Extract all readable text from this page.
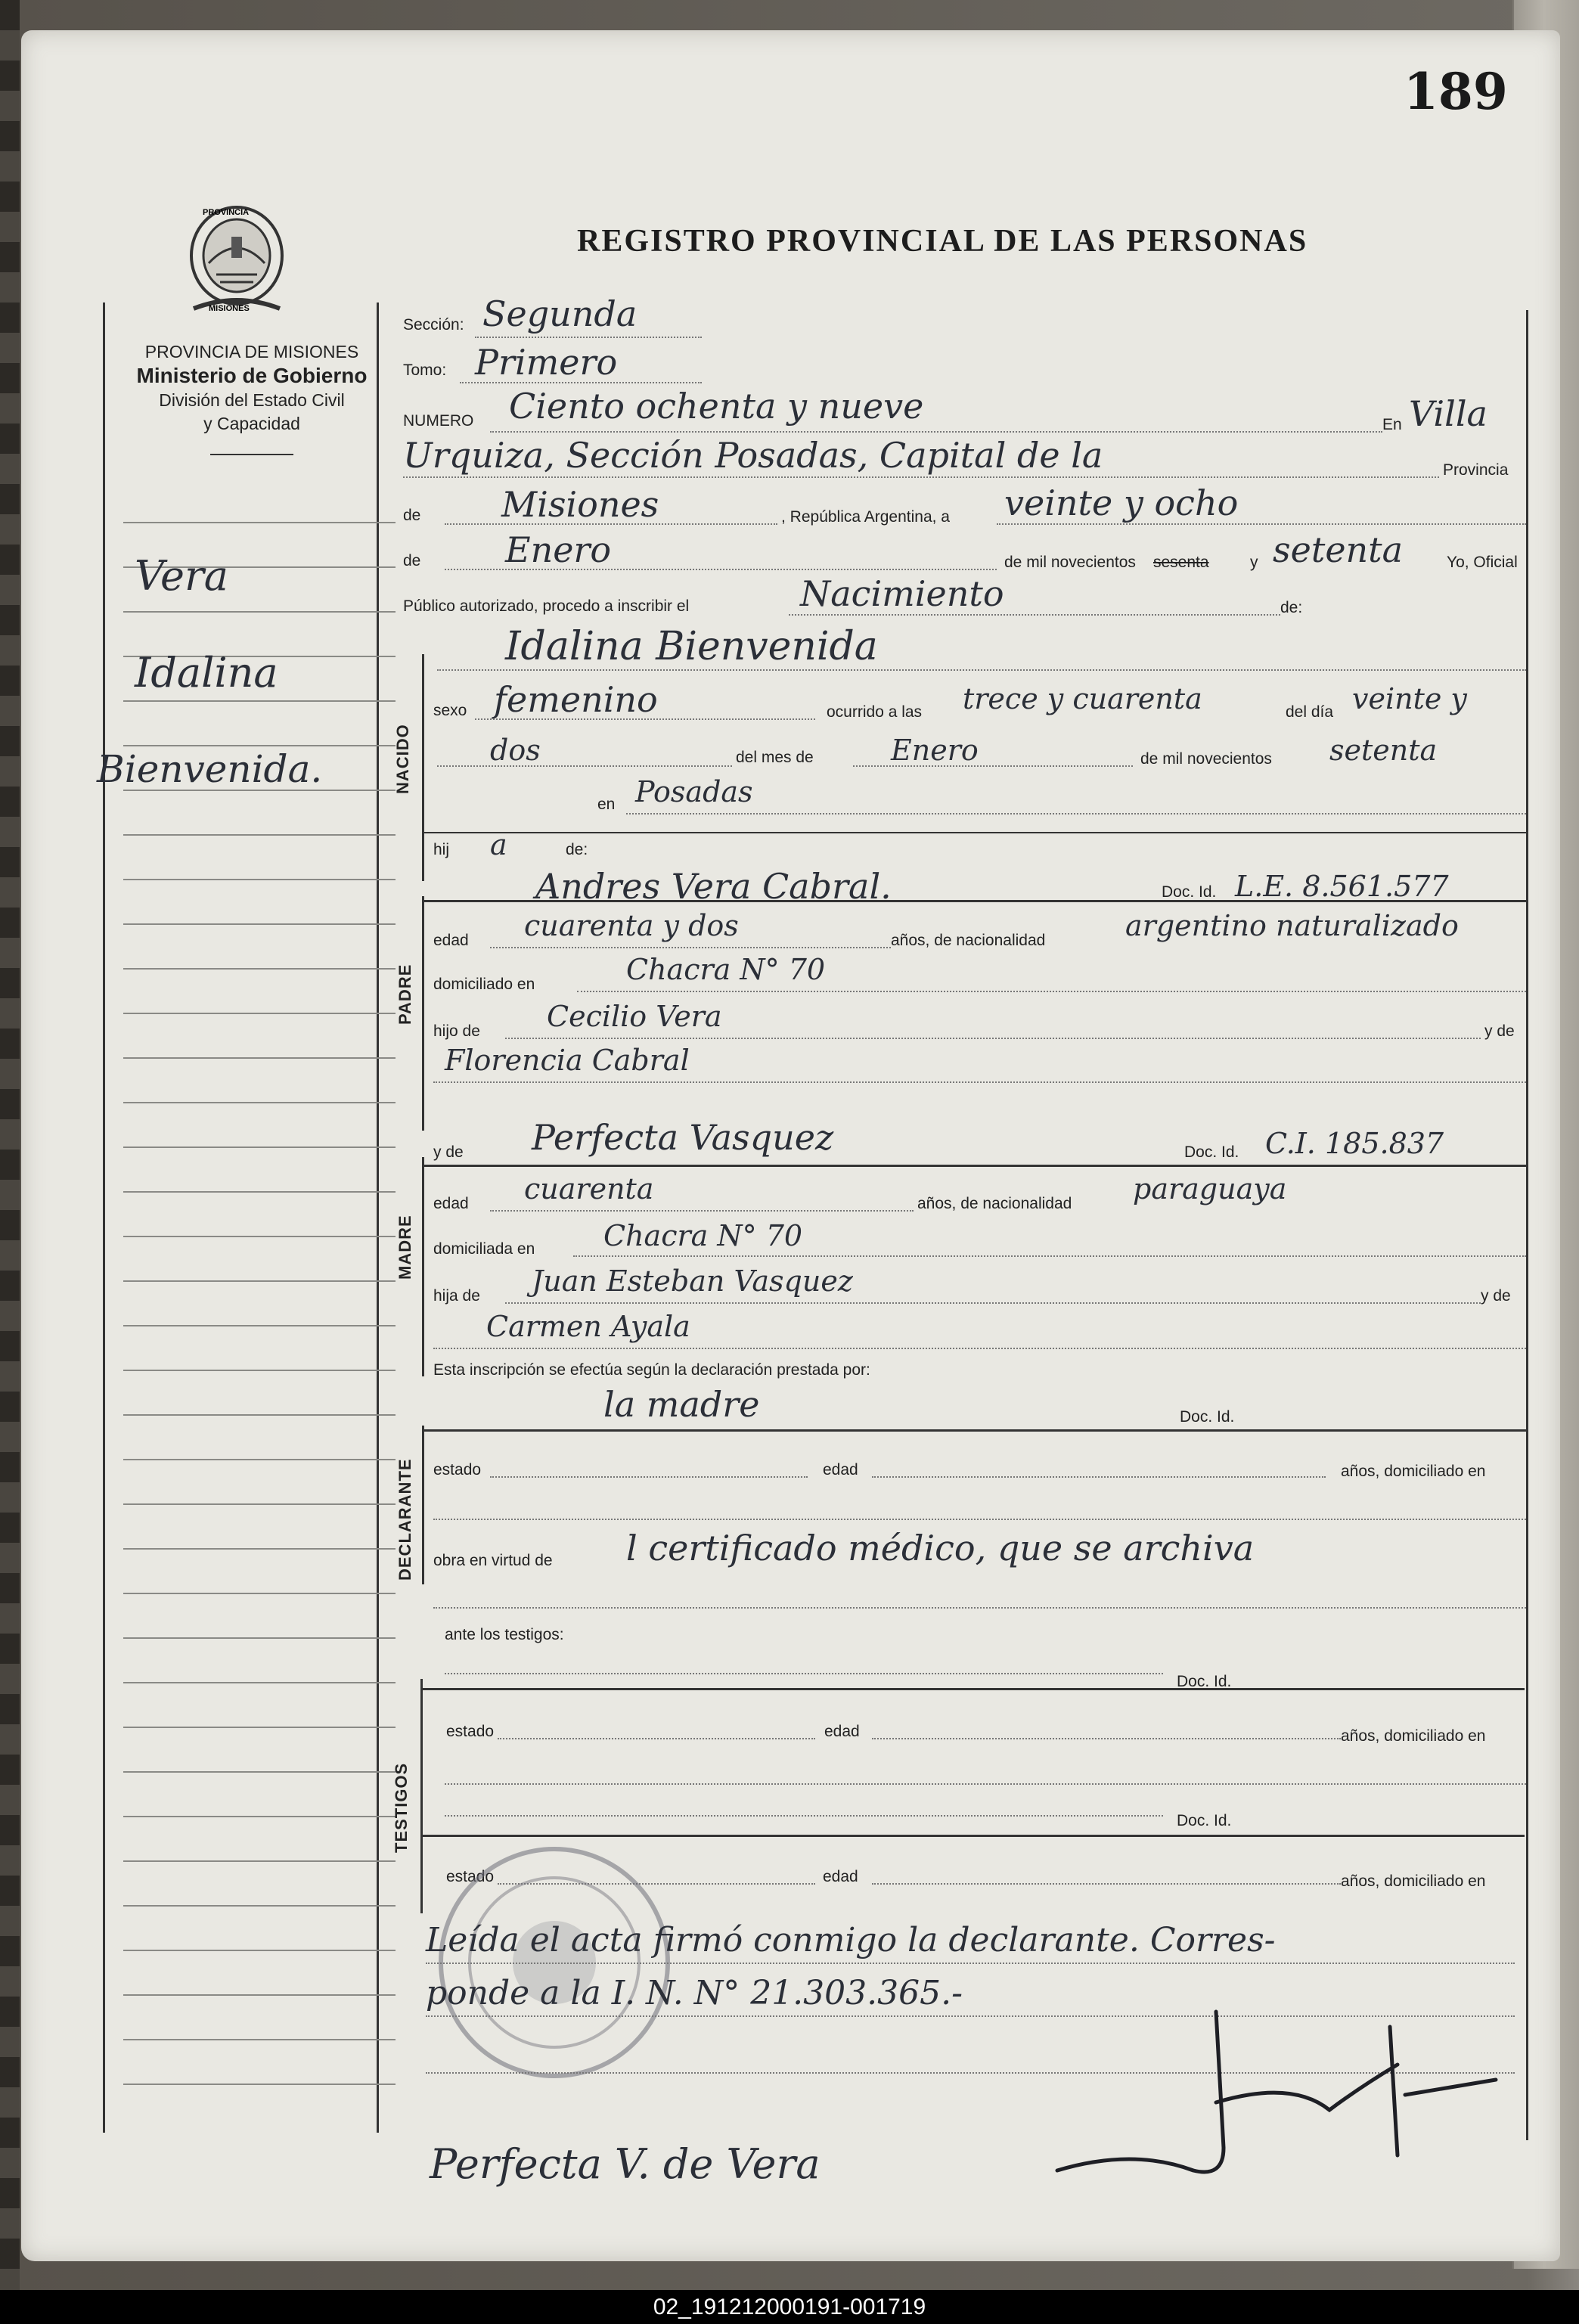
189
PROVINCIA
MISIONES
REGISTRO PROVINCIAL DE LAS PERSONAS
PROVINCIA DE MISIONES
Ministerio de Gobierno
División del Estado Civil
y Capacidad
Vera
Idalina
Bienvenida.
Sección: Segunda
Tomo: Primero
NUMERO Ciento ochenta y nueve	En Villa
Urquiza, Sección Posadas, Capital de la	Provincia
de Misiones	, República Argentina, a veinte y ocho
de Enero	de mil novecientos sesenta	y setenta	Yo, Oficial
Público autorizado, procedo a inscribir el	Nacimiento	de:
NACIDO
Idalina Bienvenida
sexo femenino	ocurrido a las trece y cuarenta	del día veinte y
dos	del mes de	Enero	de mil novecientos setenta
en Posadas
hij a	de:
PADRE
Andres Vera Cabral.	Doc. Id. L.E. 8.561.577
edad cuarenta y dos	años, de nacionalidad	argentino naturalizado
domiciliado en	Chacra N° 70
hijo de Cecilio Vera	y de
Florencia Cabral
MADRE
y de Perfecta Vasquez	Doc. Id. C.I. 185.837
edad cuarenta	años, de nacionalidad paraguaya
domiciliada en Chacra N° 70
hija de Juan Esteban Vasquez	y de
Carmen Ayala
Esta inscripción se efectúa según la declaración prestada por:
DECLARANTE
la madre	Doc. Id.
estado	edad	años, domiciliado en
obra en virtud de l certificado médico, que se archiva
ante los testigos:
TESTIGOS
Doc. Id.
estado	edad	años, domiciliado en
Doc. Id.
estado	edad	años, domiciliado en
Leída el acta firmó conmigo la declarante. Corres-
ponde a la I. N. N° 21.303.365.-
Perfecta V. de Vera
02_191212000191-001719
